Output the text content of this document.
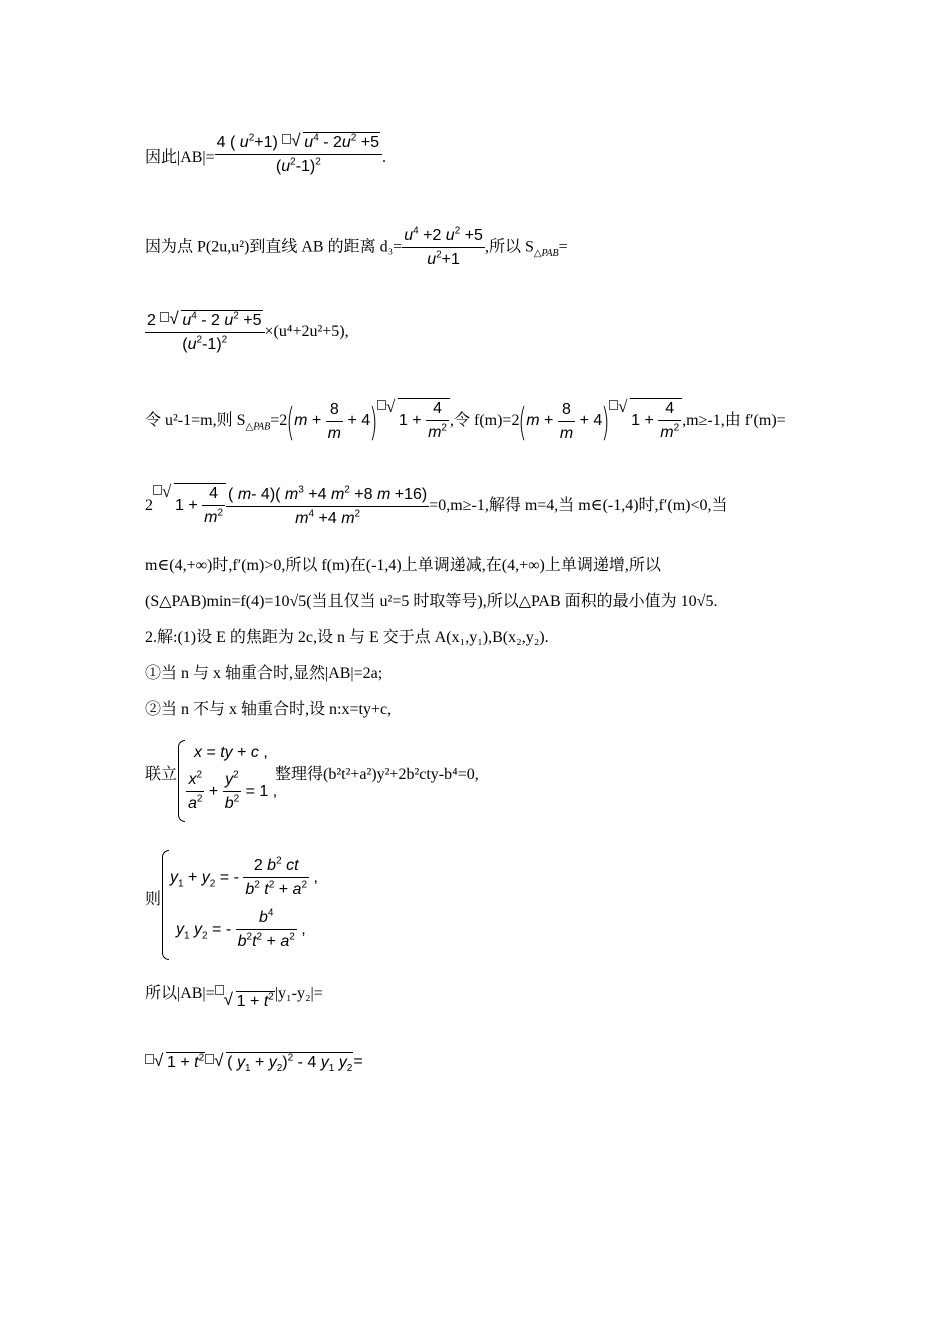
因此$|AB|= \frac{4 ( u^2+1) √ u^4 - 2u^2 +5}{(u^2-1)^2}$ .
因为点 P(2u,u²)到直线 AB 的距离 $d_3= \frac{u^4 +2 u^2 +5}{u^2+1}$ ,所以 $S_{\triangle PAB}=$
$\frac{2 √ u^4 - 2 u^2 +5}{(u^2-1)^2} \times(u^4+2u^2+5)$,
令 u²-1=m,则 $S_{\triangle PAB}=2(m + \frac{8}{m} + 4)√$ $1 + \frac{4}{m^2}$ ,令 $f(m)=2(m + \frac{8}{m} + 4)√$ $1 + \frac{4}{m^2} ,m\ge-1$,由 f′(m)=
2√ $1 + \frac{4}{m^2} \frac{( m- 4)( m^3 +4 m^2 +8 m +16)}{m^4 +4 m^2} =0,m\ge-1$,解得 m=4,当 m∈(-1,4)时,f′(m)<0,当
m∈(4,+∞)时,f′(m)>0,所以 f(m)在(-1,4)上单调递减,在(4,+∞)上单调递增,所以
(S△PAB)min=f(4)=10√5(当且仅当 u²=5 时取等号),所以△PAB 面积的最小值为 10√5.
2.解:(1)设 E 的焦距为 2c,设 n 与 E 交于点 A(x₁,y₁),B(x₂,y₂).
①当 n 与 x 轴重合时,显然|AB|=2a;
②当 n 不与 x 轴重合时,设 n:x=ty+c,
联立
x = ty + c ,
$\frac{x^2}{a^2} + \frac{y^2}{b^2} = 1$ ,
整理得(b²t²+a²)y²+2b²cty-b⁴=0,
则
$y_1 + y_2$ = - $\frac{2 b^2 ct}{b^2 t^2 + a^2}$ ,
$y_1$ $y_2$ = - $\frac{b^4}{b^2t^2 + a^2}$ ,
所以|AB|=√ $1 + t^2|y_1-y_2|=$
√ $1 + t^2√$ ( $y_1 + y_2)^2 - 4$ $y_1$ $y_2=$
